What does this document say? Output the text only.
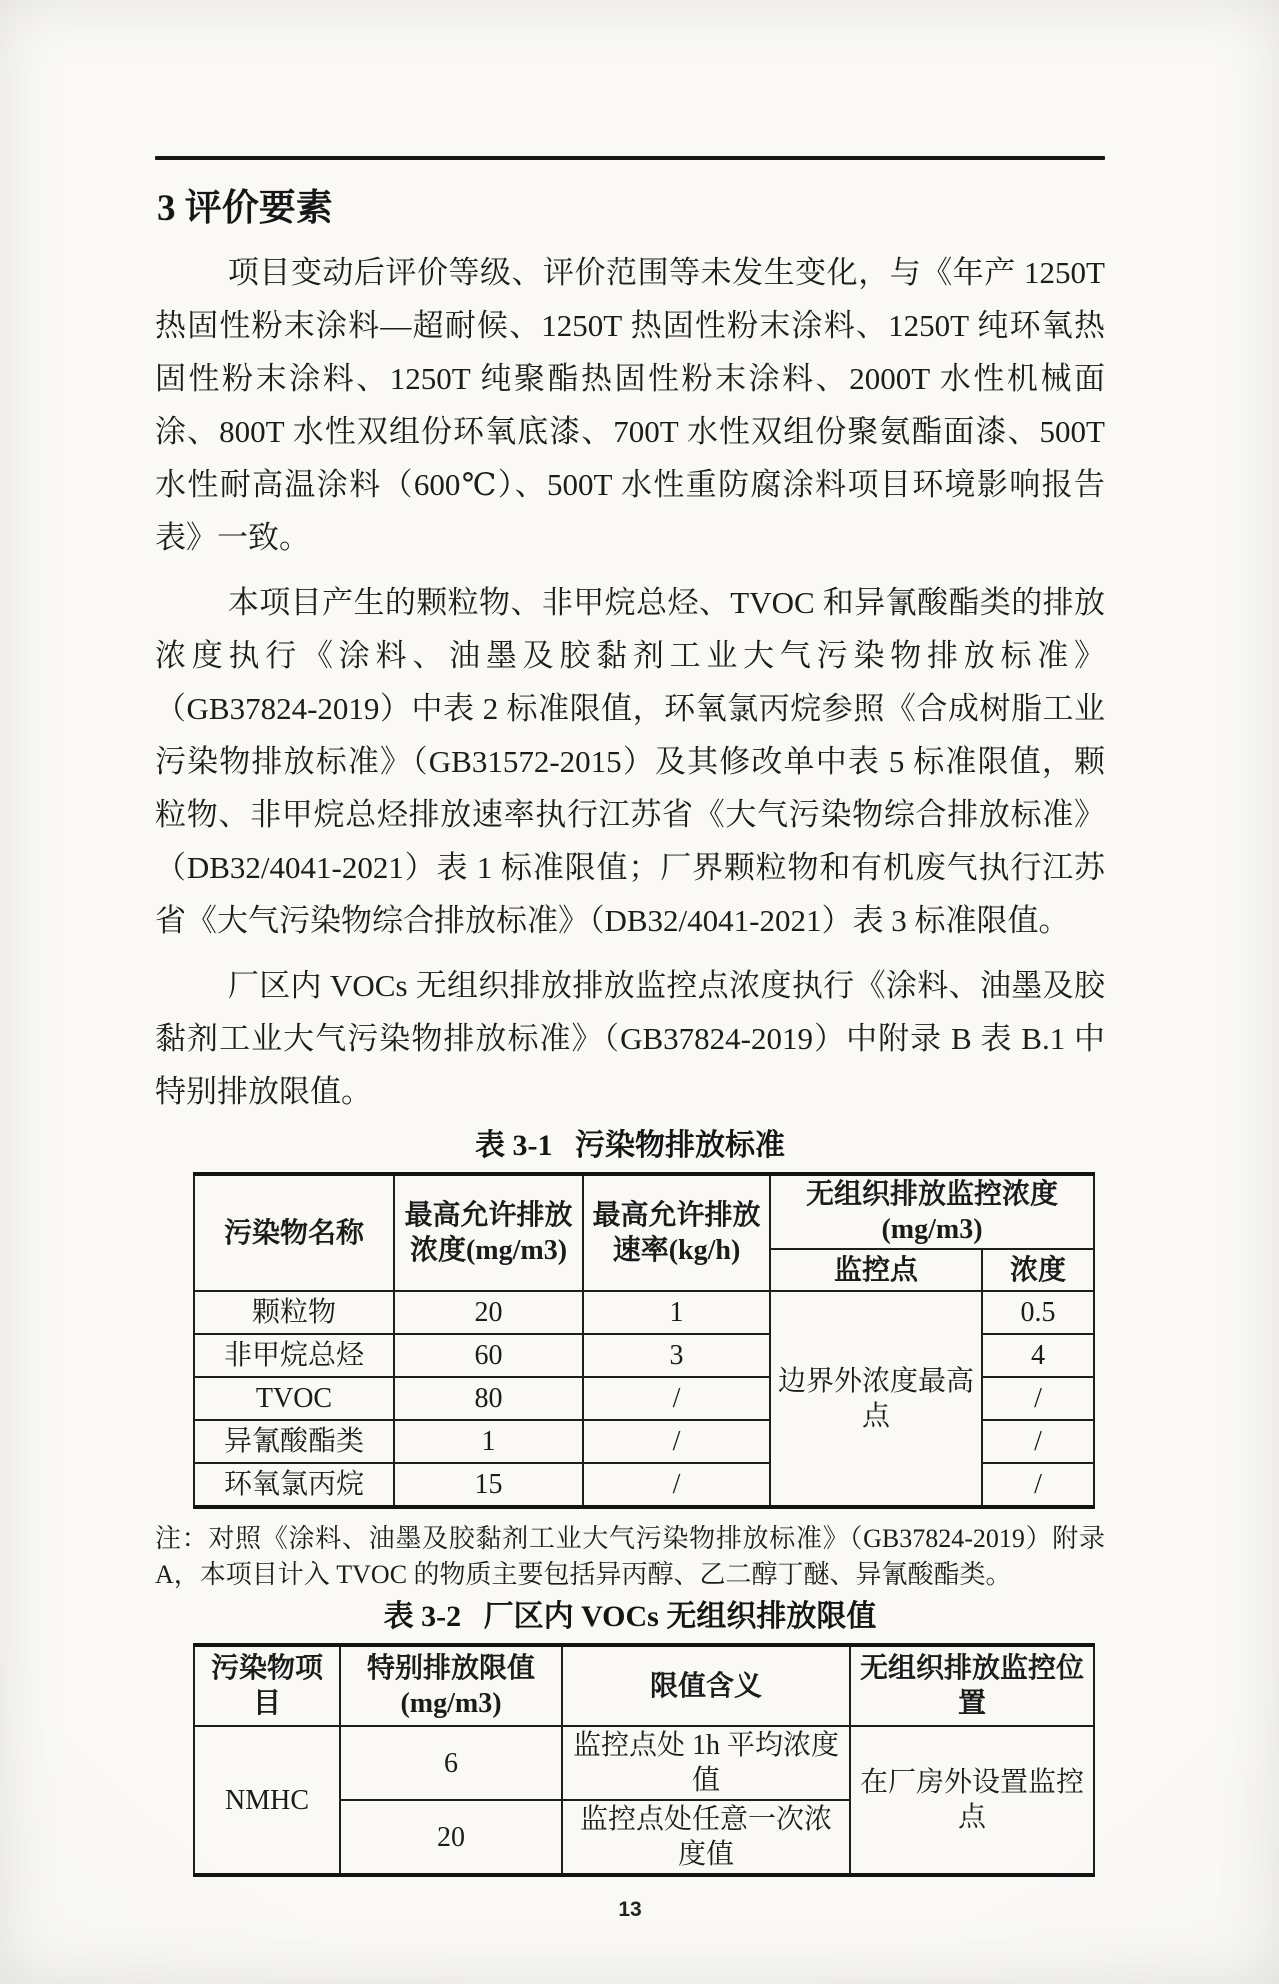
3 评价要素

项目变动后评价等级、评价范围等未发生变化，与《年产 1250T 热固性粉末涂料—超耐候、1250T 热固性粉末涂料、1250T 纯环氧热固性粉末涂料、1250T 纯聚酯热固性粉末涂料、2000T 水性机械面涂、800T 水性双组份环氧底漆、700T 水性双组份聚氨酯面漆、500T 水性耐高温涂料（600℃）、500T 水性重防腐涂料项目环境影响报告表》一致。

本项目产生的颗粒物、非甲烷总烃、TVOC 和异氰酸酯类的排放浓度执行《涂料、油墨及胶黏剂工业大气污染物排放标准》（GB37824-2019）中表 2 标准限值，环氧氯丙烷参照《合成树脂工业污染物排放标准》（GB31572-2015）及其修改单中表 5 标准限值，颗粒物、非甲烷总烃排放速率执行江苏省《大气污染物综合排放标准》（DB32/4041-2021）表 1 标准限值；厂界颗粒物和有机废气执行江苏省《大气污染物综合排放标准》（DB32/4041-2021）表 3 标准限值。

厂区内 VOCs 无组织排放排放监控点浓度执行《涂料、油墨及胶黏剂工业大气污染物排放标准》（GB37824-2019）中附录 B 表 B.1 中特别排放限值。

表 3-1   污染物排放标准
污染物名称	最高允许排放浓度(mg/m3)	最高允许排放速率(kg/h)	无组织排放监控浓度(mg/m3)	
			监控点	浓度
颗粒物	20	1	边界外浓度最高点	0.5
非甲烷总烃	60	3		4
TVOC	80	/		/
异氰酸酯类	1	/		/
环氧氯丙烷	15	/		/

注：对照《涂料、油墨及胶黏剂工业大气污染物排放标准》（GB37824-2019）附录 A，本项目计入 TVOC 的物质主要包括异丙醇、乙二醇丁醚、异氰酸酯类。

表 3-2   厂区内 VOCs 无组织排放限值
污染物项目	特别排放限值(mg/m3)	限值含义	无组织排放监控位置
NMHC	6	监控点处 1h 平均浓度值	在厂房外设置监控点
	20	监控点处任意一次浓度值	
13
